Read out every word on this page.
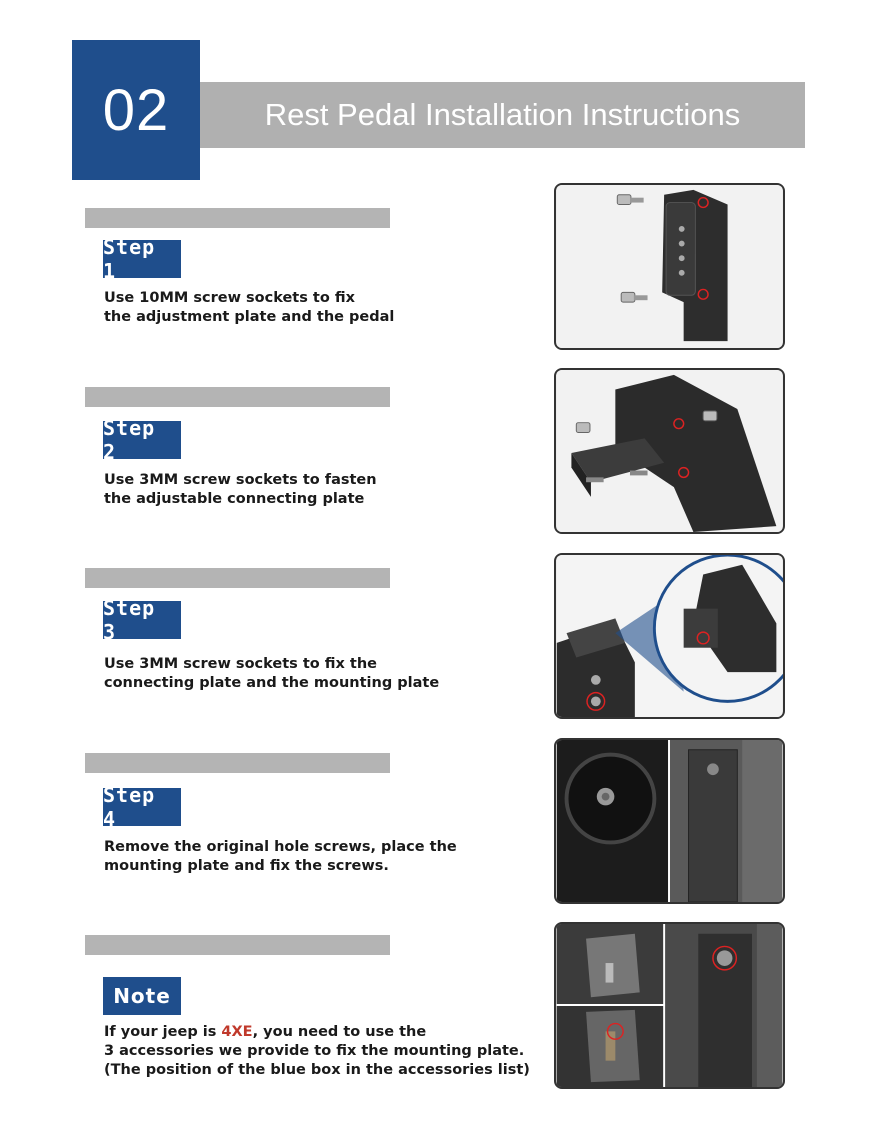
02	Rest Pedal Installation Instructions
Step 1
Use 10MM screw sockets to fix
the adjustment plate and the pedal
Step 2
Use 3MM screw sockets to fasten
the adjustable connecting plate
Step 3
Use 3MM screw sockets to fix the
connecting plate and the mounting plate
Step 4
Remove the original hole screws, place the
mounting plate and fix the screws.
Note
If your jeep is 4XE, you need to use the
3 accessories we provide to fix the mounting plate.
(The position of the blue box in the accessories list)
